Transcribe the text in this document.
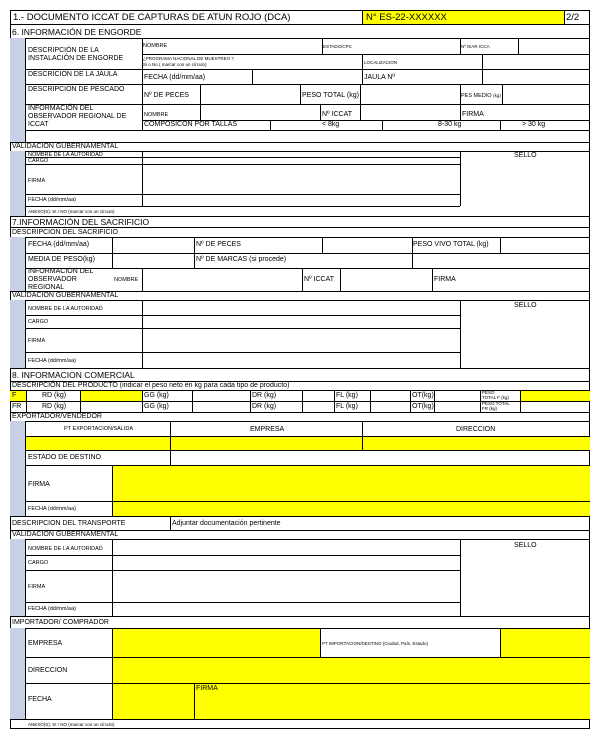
1.- DOCUMENTO ICCAT DE CAPTURAS DE ATUN ROJO (DCA)	N° ES-22-XXXXXX	2/2
6. INFORMACIÓN DE ENGORDE
DESCRIPCIÓN DE LA INSTALACIÓN DE ENGORDE
NOMBRE	ESTADO/CPC	Nº IEAR ICCA
¿PROGRAMA NACIONAL DE MUESTREO ?
Si o No ( marcar con un círculo)	LOCALIZACION
DESCRICIÓN DE LA JAULA	FECHA (dd/mm/aa)	JAULA Nº
DESCRIPCION DE PESCADO
Nº DE PECES	PESO TOTAL (kg)	PES MEDIO (kg)
INFORMACIÓN DEL OBSERVADOR REGIONAL DE ICCAT
NOMBRE	Nº ICCAT	FIRMA
COMPOSICON POR TALLAS	< 8kg	8-30 kg	> 30 kg
VALIDACION GUBERNAMENTAL
NOMBRE DE LA AUTORIDAD
CARGO
FIRMA
FECHA (dd/mm/aa)
ANEXO(S): SI / NO (marcar con un círculo)
SELLO
7.INFORMACIÓN DEL SACRIFICIO
DESCRIPCION DEL SACRIFICIO
FECHA (dd/mm/aa)	Nº DE PECES	PESO VIVO TOTAL (kg)
MEDIA DE PESO(kg)	Nº DE MARCAS (si procede)
INFORMACIÓN DEL OBSERVADOR REGIONAL
NOMBRE	Nº ICCAT	FIRMA
VALIDACION GUBERNAMENTAL
NOMBRE DE LA AUTORIDAD
CARGO
FIRMA
FECHA (dd/mm/aa)
SELLO
8. INFORMACION COMERCIAL
DESCRIPCIÓN DEL PRODUCTO (indicar el peso neto en kg para cada tipo de producto)
F	RD (kg)	GG (kg)	DR (kg)	FL (kg)	OT(kg)	PESO
TOTAL F (kg)
FR	RD (kg)	GG (kg)	DR (kg)	FL (kg)	OT(kg)	PESO TOTAL
FR (kg)
EXPORTADOR/VENDEDOR
PT EXPORTACION/SALIDA	EMPRESA	DIRECCION
ESTADO DE DESTINO
FIRMA
FECHA (dd/mm/aa)
DESCRIPCION DEL TRANSPORTE	Adjuntar documentación pertinente
VALIDACION GUBERNAMENTAL
NOMBRE DE LA AUTORIDAD
CARGO
FIRMA
FECHA (dd/mm/aa)
SELLO
IMPORTADOR/ COMPRADOR
EMPRESA	PT IMPORTACION/DESTINO (Ciudad, País, Estado)
DIRECCION
FECHA
FIRMA
ANEXO(S): SI / NO (marcar con un círculo)
